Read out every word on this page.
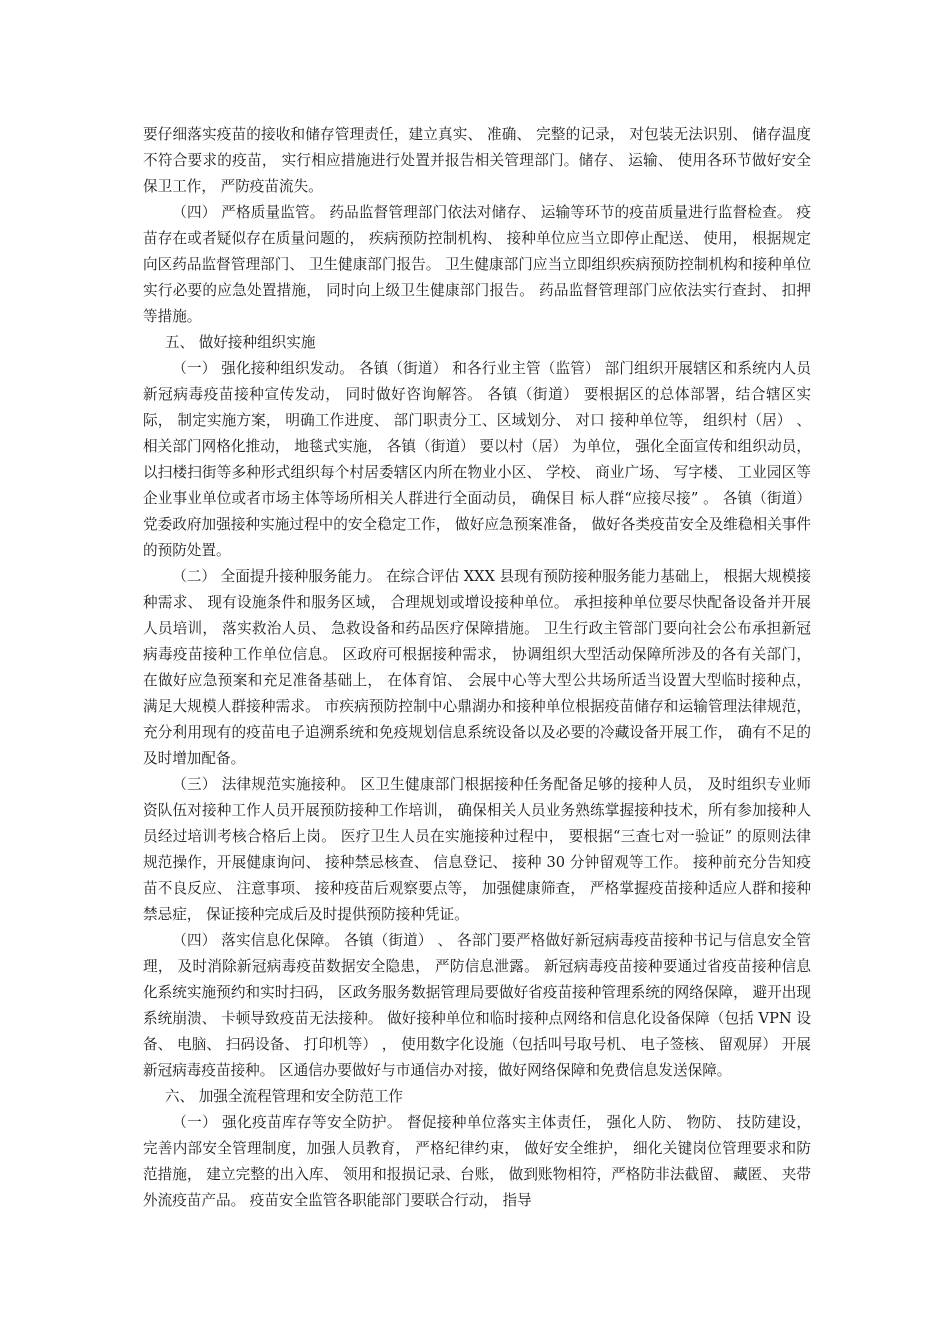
要仔细落实疫苗的接收和储存管理责任，建立真实、 准确、 完整的记录， 对包装无法识别、 储存温度不符合要求的疫苗， 实行相应措施进行处置并报告相关管理部门。储存、 运输、 使用各环节做好安全保卫工作， 严防疫苗流失。

（四） 严格质量监管。 药品监督管理部门依法对储存、 运输等环节的疫苗质量进行监督检查。 疫苗存在或者疑似存在质量问题的， 疾病预防控制机构、 接种单位应当立即停止配送、 使用， 根据规定向区药品监督管理部门、 卫生健康部门报告。 卫生健康部门应当立即组织疾病预防控制机构和接种单位实行必要的应急处置措施， 同时向上级卫生健康部门报告。 药品监督管理部门应依法实行查封、 扣押等措施。

五、 做好接种组织实施

（一） 强化接种组织发动。 各镇（街道） 和各行业主管（监管） 部门组织开展辖区和系统内人员新冠病毒疫苗接种宣传发动， 同时做好咨询解答。 各镇（街道） 要根据区的总体部署，结合辖区实际， 制定实施方案， 明确工作进度、 部门职责分工、区域划分、 对口 接种单位等， 组织村（居） 、 相关部门网格化推动， 地毯式实施， 各镇（街道） 要以村（居） 为单位， 强化全面宣传和组织动员， 以扫楼扫街等多种形式组织每个村居委辖区内所在物业小区、 学校、 商业广场、 写字楼、 工业园区等企业事业单位或者市场主体等场所相关人群进行全面动员， 确保目 标人群“应接尽接” 。 各镇（街道） 党委政府加强接种实施过程中的安全稳定工作， 做好应急预案准备， 做好各类疫苗安全及维稳相关事件的预防处置。

（二） 全面提升接种服务能力。 在综合评估 XXX 县现有预防接种服务能力基础上， 根据大规模接种需求、 现有设施条件和服务区域， 合理规划或增设接种单位。 承担接种单位要尽快配备设备并开展人员培训， 落实救治人员、 急救设备和药品医疗保障措施。 卫生行政主管部门要向社会公布承担新冠病毒疫苗接种工作单位信息。 区政府可根据接种需求， 协调组织大型活动保障所涉及的各有关部门， 在做好应急预案和充足准备基础上， 在体育馆、 会展中心等大型公共场所适当设置大型临时接种点， 满足大规模人群接种需求。 市疾病预防控制中心鼎湖办和接种单位根据疫苗储存和运输管理法律规范， 充分利用现有的疫苗电子追溯系统和免疫规划信息系统设备以及必要的冷藏设备开展工作， 确有不足的及时增加配备。

（三） 法律规范实施接种。 区卫生健康部门根据接种任务配备足够的接种人员， 及时组织专业师资队伍对接种工作人员开展预防接种工作培训， 确保相关人员业务熟练掌握接种技术，所有参加接种人员经过培训考核合格后上岗。 医疗卫生人员在实施接种过程中， 要根据“三查七对一验证” 的原则法律规范操作，开展健康询问、 接种禁忌核查、 信息登记、 接种 30 分钟留观等工作。 接种前充分告知疫苗不良反应、 注意事项、 接种疫苗后观察要点等， 加强健康筛查， 严格掌握疫苗接种适应人群和接种禁忌症， 保证接种完成后及时提供预防接种凭证。

（四） 落实信息化保障。 各镇（街道） 、 各部门要严格做好新冠病毒疫苗接种书记与信息安全管理， 及时消除新冠病毒疫苗数据安全隐患， 严防信息泄露。 新冠病毒疫苗接种要通过省疫苗接种信息化系统实施预约和实时扫码， 区政务服务数据管理局要做好省疫苗接种管理系统的网络保障， 避开出现系统崩溃、 卡顿导致疫苗无法接种。 做好接种单位和临时接种点网络和信息化设备保障（包括 VPN 设备、 电脑、 扫码设备、 打印机等） ， 使用数字化设施（包括叫号取号机、 电子签核、 留观屏） 开展新冠病毒疫苗接种。 区通信办要做好与市通信办对接，做好网络保障和免费信息发送保障。

六、 加强全流程管理和安全防范工作

（一） 强化疫苗库存等安全防护。 督促接种单位落实主体责任， 强化人防、 物防、 技防建设， 完善内部安全管理制度，加强人员教育， 严格纪律约束， 做好安全维护， 细化关键岗位管理要求和防范措施， 建立完整的出入库、 领用和报损记录、台账， 做到账物相符，严格防非法截留、 藏匿、 夹带外流疫苗产品。 疫苗安全监管各职能部门要联合行动， 指导
